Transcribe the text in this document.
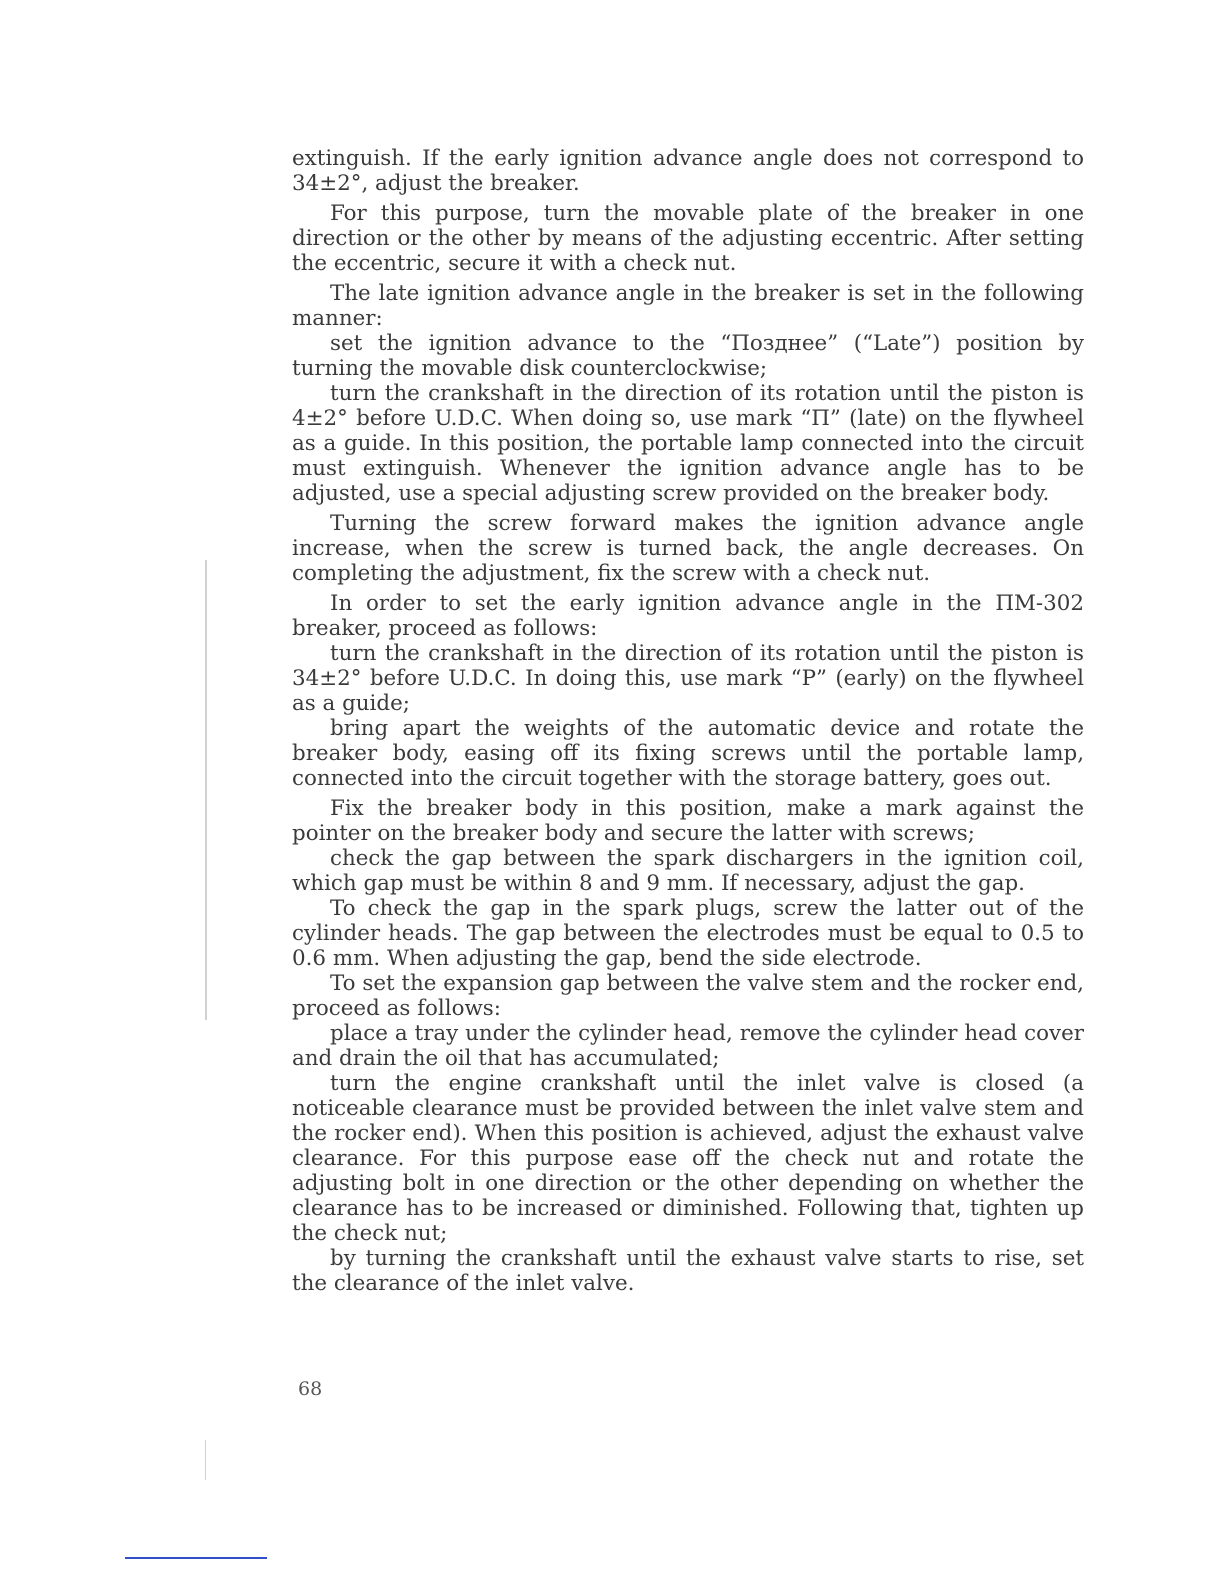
extinguish. If the early ignition advance angle does not correspond to 34±2°, adjust the breaker.

For this purpose, turn the movable plate of the breaker in one direction or the other by means of the adjusting eccentric. After setting the eccentric, secure it with a check nut.

The late ignition advance angle in the breaker is set in the following manner:

set the ignition advance to the “Позднее” (“Late”) position by turning the movable disk counterclockwise;

turn the crankshaft in the direction of its rotation until the piston is 4±2° before U.D.C. When doing so, use mark “П” (late) on the flywheel as a guide. In this position, the portable lamp connected into the circuit must extinguish. Whenever the ignition advance angle has to be adjusted, use a special adjusting screw provided on the breaker body.

Turning the screw forward makes the ignition advance angle increase, when the screw is turned back, the angle decreases. On completing the adjustment, fix the screw with a check nut.

In order to set the early ignition advance angle in the ПМ-302 breaker, proceed as follows:

turn the crankshaft in the direction of its rotation until the piston is 34±2° before U.D.C. In doing this, use mark “P” (early) on the flywheel as a guide;

bring apart the weights of the automatic device and rotate the breaker body, easing off its fixing screws until the portable lamp, connected into the circuit together with the storage battery, goes out.

Fix the breaker body in this position, make a mark against the pointer on the breaker body and secure the latter with screws;

check the gap between the spark dischargers in the ignition coil, which gap must be within 8 and 9 mm. If necessary, adjust the gap.

To check the gap in the spark plugs, screw the latter out of the cylinder heads. The gap between the electrodes must be equal to 0.5 to 0.6 mm. When adjusting the gap, bend the side electrode.

To set the expansion gap between the valve stem and the rocker end, proceed as follows:

place a tray under the cylinder head, remove the cylinder head cover and drain the oil that has accumulated;

turn the engine crankshaft until the inlet valve is closed (a noticeable clearance must be provided between the inlet valve stem and the rocker end). When this position is achieved, adjust the exhaust valve clearance. For this purpose ease off the check nut and rotate the adjusting bolt in one direction or the other depending on whether the clearance has to be increased or diminished. Following that, tighten up the check nut;

by turning the crankshaft until the exhaust valve starts to rise, set the clearance of the inlet valve.

68
